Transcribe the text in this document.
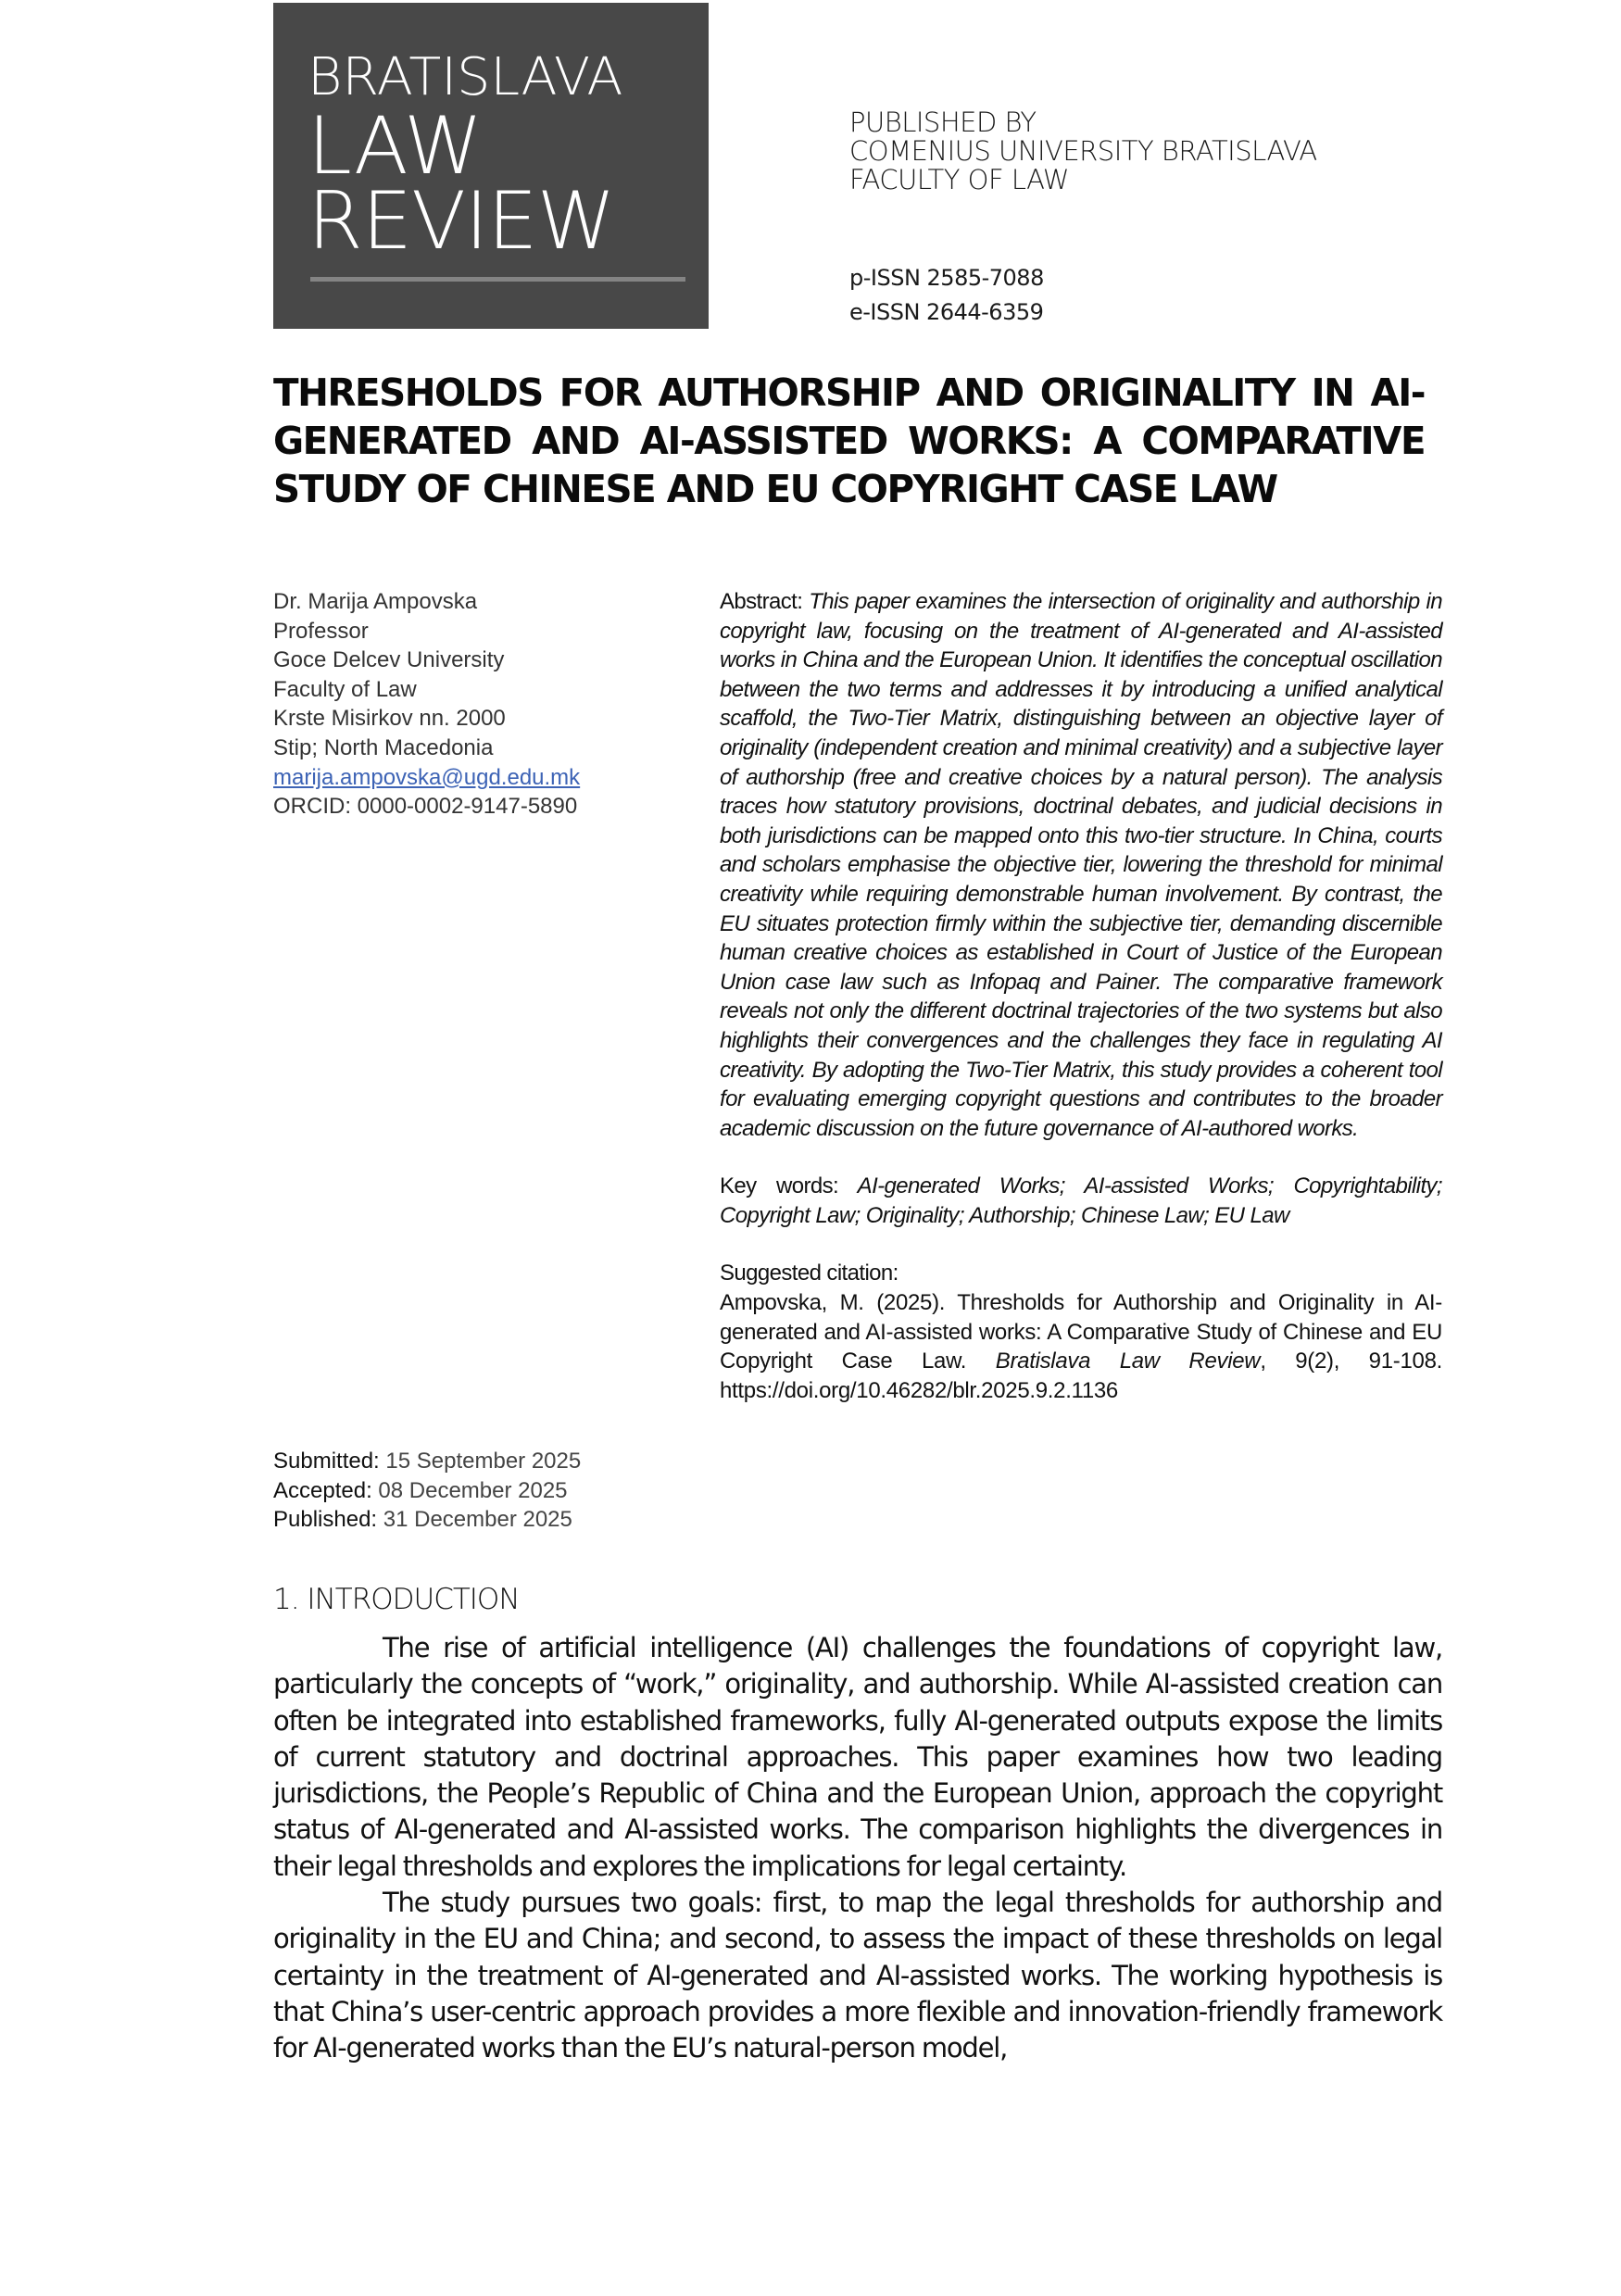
BRATISLAVA
LAW
REVIEW
PUBLISHED BY
COMENIUS UNIVERSITY BRATISLAVA
FACULTY OF LAW
p-ISSN 2585-7088
e-ISSN 2644-6359
THRESHOLDS FOR AUTHORSHIP AND ORIGINALITY IN AI-
GENERATED AND AI-ASSISTED WORKS: A COMPARATIVE
STUDY OF CHINESE AND EU COPYRIGHT CASE LAW
Dr. Marija Ampovska
Professor
Goce Delcev University
Faculty of Law
Krste Misirkov nn. 2000
Stip; North Macedonia
marija.ampovska@ugd.edu.mk
ORCID: 0000-0002-9147-5890
Submitted: 15 September 2025
Accepted: 08 December 2025
Published: 31 December 2025

Abstract: This paper examines the intersection of originality and authorship in copyright law, focusing on the treatment of AI-generated and AI-assisted works in China and the European Union. It identifies the conceptual oscillation between the two terms and addresses it by introducing a unified analytical scaffold, the Two-Tier Matrix, distinguishing between an objective layer of originality (independent creation and minimal creativity) and a subjective layer of authorship (free and creative choices by a natural person). The analysis traces how statutory provisions, doctrinal debates, and judicial decisions in both jurisdictions can be mapped onto this two-tier structure. In China, courts and scholars emphasise the objective tier, lowering the threshold for minimal creativity while requiring demonstrable human involvement. By contrast, the EU situates protection firmly within the subjective tier, demanding discernible human creative choices as established in Court of Justice of the European Union case law such as Infopaq and Painer. The comparative framework reveals not only the different doctrinal trajectories of the two systems but also highlights their convergences and the challenges they face in regulating AI creativity. By adopting the Two-Tier Matrix, this study provides a coherent tool for evaluating emerging copyright questions and contributes to the broader academic discussion on the future governance of AI-authored works.

Key words: AI-generated Works; AI-assisted Works; Copyrightability; Copyright Law; Originality; Authorship; Chinese Law; EU Law

Suggested citation:

Ampovska, M. (2025). Thresholds for Authorship and Originality in AI-generated and AI-assisted works: A Comparative Study of Chinese and EU Copyright Case Law. Bratislava Law Review, 9(2), 91-108. https://doi.org/10.46282/blr.2025.9.2.1136

1. INTRODUCTION

The rise of artificial intelligence (AI) challenges the foundations of copyright law, particularly the concepts of “work,” originality, and authorship. While AI-assisted creation can often be integrated into established frameworks, fully AI-generated outputs expose the limits of current statutory and doctrinal approaches. This paper examines how two leading jurisdictions, the People’s Republic of China and the European Union, approach the copyright status of AI-generated and AI-assisted works. The comparison highlights the divergences in their legal thresholds and explores the implications for legal certainty.

The study pursues two goals: first, to map the legal thresholds for authorship and originality in the EU and China; and second, to assess the impact of these thresholds on legal certainty in the treatment of AI-generated and AI-assisted works. The working hypothesis is that China’s user-centric approach provides a more flexible and innovation-friendly framework for AI-generated works than the EU’s natural-person model,
